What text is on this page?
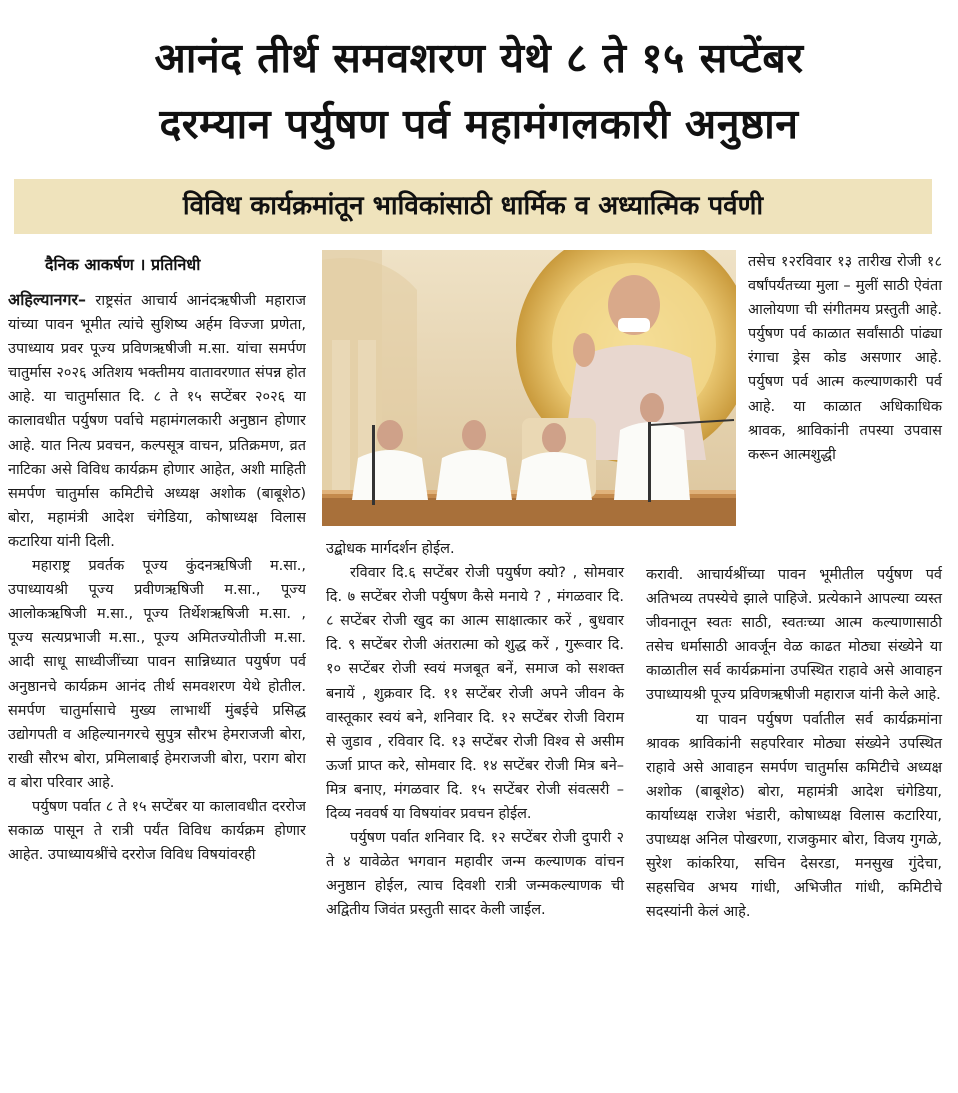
आनंद तीर्थ समवशरण येथे ८ ते १५ सप्टेंबर
दरम्यान पर्युषण पर्व महामंगलकारी अनुष्ठान
विविध कार्यक्रमांतून भाविकांसाठी धार्मिक व अध्यात्मिक पर्वणी
दैनिक आकर्षण । प्रतिनिधी

अहिल्यानगर– राष्ट्रसंत आचार्य आनंदऋषीजी महाराज यांच्या पावन भूमीत त्यांचे सुशिष्य अर्हम विज्जा प्रणेता, उपाध्याय प्रवर पूज्य प्रविणऋषीजी म.सा. यांचा समर्पण चातुर्मास २०२६ अतिशय भक्तीमय वातावरणात संपन्न होत आहे. या चातुर्मासात दि. ८ ते १५ सप्टेंबर २०२६ या कालावधीत पर्युषण पर्वाचे महामंगलकारी अनुष्ठान होणार आहे. यात नित्य प्रवचन, कल्पसूत्र वाचन, प्रतिक्रमण, व्रत नाटिका असे विविध कार्यक्रम होणार आहेत, अशी माहिती समर्पण चातुर्मास कमिटीचे अध्यक्ष अशोक (बाबूशेठ) बोरा, महामंत्री आदेश चंगेडिया, कोषाध्यक्ष विलास कटारिया यांनी दिली.

महाराष्ट्र प्रवर्तक पूज्य कुंदनऋषिजी म.सा., उपाध्यायश्री पूज्य प्रवीणऋषिजी म.सा., पूज्य आलोकऋषिजी म.सा., पूज्य तिर्थेशऋषिजी म.सा. , पूज्य सत्यप्रभाजी म.सा., पूज्य अमितज्योतीजी म.सा. आदी साधू साध्वीजींच्या पावन सान्निध्यात पयुर्षण पर्व अनुष्ठानचे कार्यक्रम आनंद तीर्थ समवशरण येथे होतील. समर्पण चातुर्मासाचे मुख्य लाभार्थी मुंबईचे प्रसिद्ध उद्योगपती व अहिल्यानगरचे सुपुत्र सौरभ हेमराजजी बोरा, राखी सौरभ बोरा, प्रमिलाबाई हेमराजजी बोरा, पराग बोरा व बोरा परिवार आहे.

पर्युषण पर्वात ८ ते १५ सप्टेंबर या कालावधीत दररोज सकाळ पासून ते रात्री पर्यंत विविध कार्यक्रम होणार आहेत. उपाध्यायश्रींचे दररोज विविध विषयांवरही

उद्बोधक मार्गदर्शन होईल.

रविवार दि.६ सप्टेंबर रोजी पयुर्षण क्यो? , सोमवार दि. ७ सप्टेंबर रोजी पर्युषण कैसे मनाये ? , मंगळवार दि. ८ सप्टेंबर रोजी खुद का आत्म साक्षात्कार करें , बुधवार दि. ९ सप्टेंबर रोजी अंतरात्मा को शुद्ध करें , गुरूवार दि. १० सप्टेंबर रोजी स्वयं मजबूत बनें, समाज को सशक्त बनायें , शुक्रवार दि. ११ सप्टेंबर रोजी अपने जीवन के वास्तूकार स्वयं बने, शनिवार दि. १२ सप्टेंबर रोजी विराम से जुडाव , रविवार दि. १३ सप्टेंबर रोजी विश्व से असीम ऊर्जा प्राप्त करे, सोमवार दि. १४ सप्टेंबर रोजी मित्र बने– मित्र बनाए, मंगळवार दि. १५ सप्टेंबर रोजी संवत्सरी – दिव्य नववर्ष या विषयांवर प्रवचन होईल.

पर्युषण पर्वात शनिवार दि. १२ सप्टेंबर रोजी दुपारी २ ते ४ यावेळेत भगवान महावीर जन्म कल्याणक वांचन अनुष्ठान होईल, त्याच दिवशी रात्री जन्मकल्याणक ची अद्वितीय जिवंत प्रस्तुती सादर केली जाईल.

तसेच १२रविवार १३ तारीख रोजी १८ वर्षांपर्यंतच्या मुला – मुलीं साठी ऐवंता आलोयणा ची संगीतमय प्रस्तुती आहे. पर्युषण पर्व काळात सर्वांसाठी पांढ्या रंगाचा ड्रेस कोड असणार आहे. पर्युषण पर्व आत्म कल्याणकारी पर्व आहे. या काळात अधिकाधिक श्रावक, श्राविकांनी तपस्या उपवास करून आत्मशुद्धी

करावी. आचार्यश्रींच्या पावन भूमीतील पर्युषण पर्व अतिभव्य तपस्येचे झाले पाहिजे. प्रत्येकाने आपल्या व्यस्त जीवनातून स्वतः साठी, स्वतःच्या आत्म कल्याणासाठी तसेच धर्मासाठी आवर्जून वेळ काढत मोठ्या संख्येने या काळातील सर्व कार्यक्रमांना उपस्थित राहावे असे आवाहन उपाध्यायश्री पूज्य प्रविणऋषीजी महाराज यांनी केले आहे.

या पावन पर्युषण पर्वातील सर्व कार्यक्रमांना श्रावक श्राविकांनी सहपरिवार मोठ्या संख्येने उपस्थित राहावे असे आवाहन समर्पण चातुर्मास कमिटीचे अध्यक्ष अशोक (बाबूशेठ) बोरा, महामंत्री आदेश चंगेडिया, कार्याध्यक्ष राजेश भंडारी, कोषाध्यक्ष विलास कटारिया, उपाध्यक्ष अनिल पोखरणा, राजकुमार बोरा, विजय गुगळे, सुरेश कांकरिया, सचिन देसरडा, मनसुख गुंदेचा, सहसचिव अभय गांधी, अभिजीत गांधी, कमिटीचे सदस्यांनी केलं आहे.
